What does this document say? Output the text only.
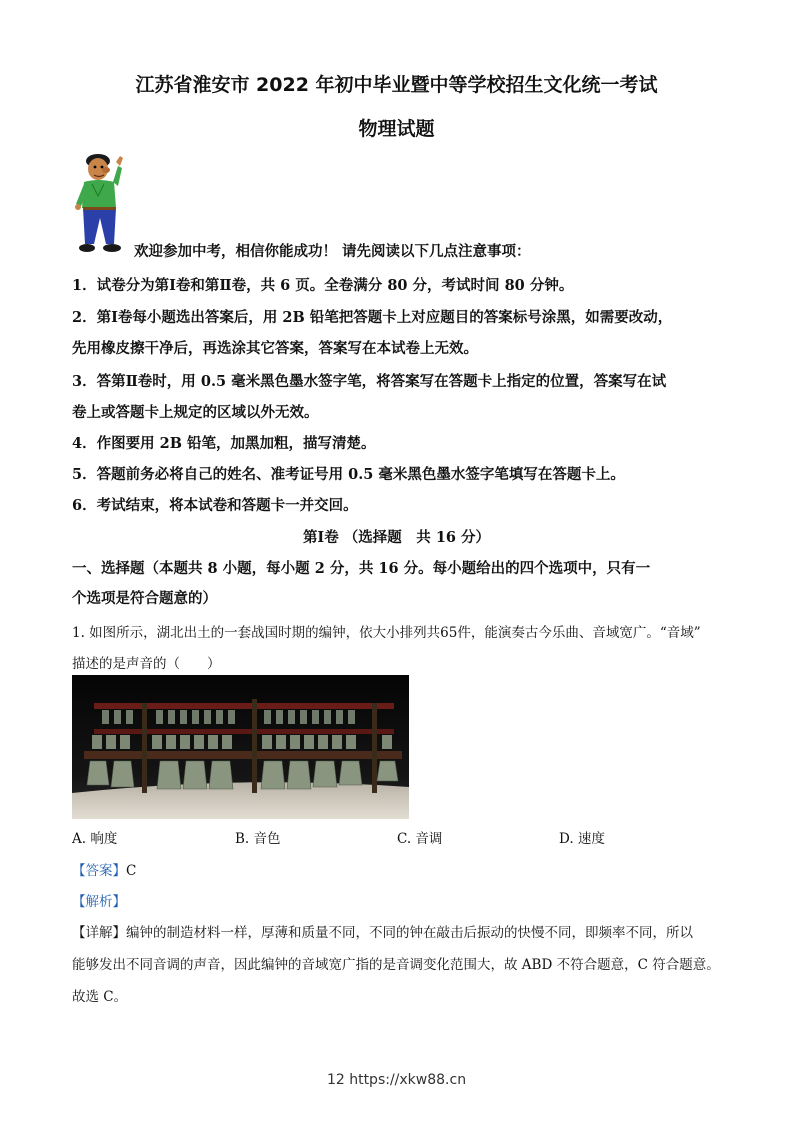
江苏省淮安市 2022 年初中毕业暨中等学校招生文化统一考试
物理试题
欢迎参加中考，相信你能成功！ 请先阅读以下几点注意事项：
1．试卷分为第Ⅰ卷和第Ⅱ卷，共 6 页。全卷满分 80 分，考试时间 80 分钟。
2．第Ⅰ卷每小题选出答案后，用 2B 铅笔把答题卡上对应题目的答案标号涂黑，如需要改动，
先用橡皮擦干净后，再选涂其它答案，答案写在本试卷上无效。
3．答第Ⅱ卷时，用 0.5 毫米黑色墨水签字笔，将答案写在答题卡上指定的位置，答案写在试
卷上或答题卡上规定的区域以外无效。
4．作图要用 2B 铅笔，加黑加粗，描写清楚。
5．答题前务必将自己的姓名、准考证号用 0.5 毫米黑色墨水签字笔填写在答题卡上。
6．考试结束，将本试卷和答题卡一并交回。
第Ⅰ卷 （选择题　共 16 分）
一、选择题（本题共 8 小题，每小题 2 分，共 16 分。每小题给出的四个选项中，只有一
个选项是符合题意的）
1. 如图所示，湖北出土的一套战国时期的编钟，依大小排列共65件，能演奏古今乐曲、音域宽广。“音域”
描述的是声音的（　　）
A. 响度	B. 音色	C. 音调	D. 速度
【答案】C
【解析】
【详解】编钟的制造材料一样，厚薄和质量不同，不同的钟在敲击后振动的快慢不同，即频率不同，所以
能够发出不同音调的声音，因此编钟的音域宽广指的是音调变化范围大，故 ABD 不符合题意，C 符合题意。
故选 C。
12 https://xkw88.cn
